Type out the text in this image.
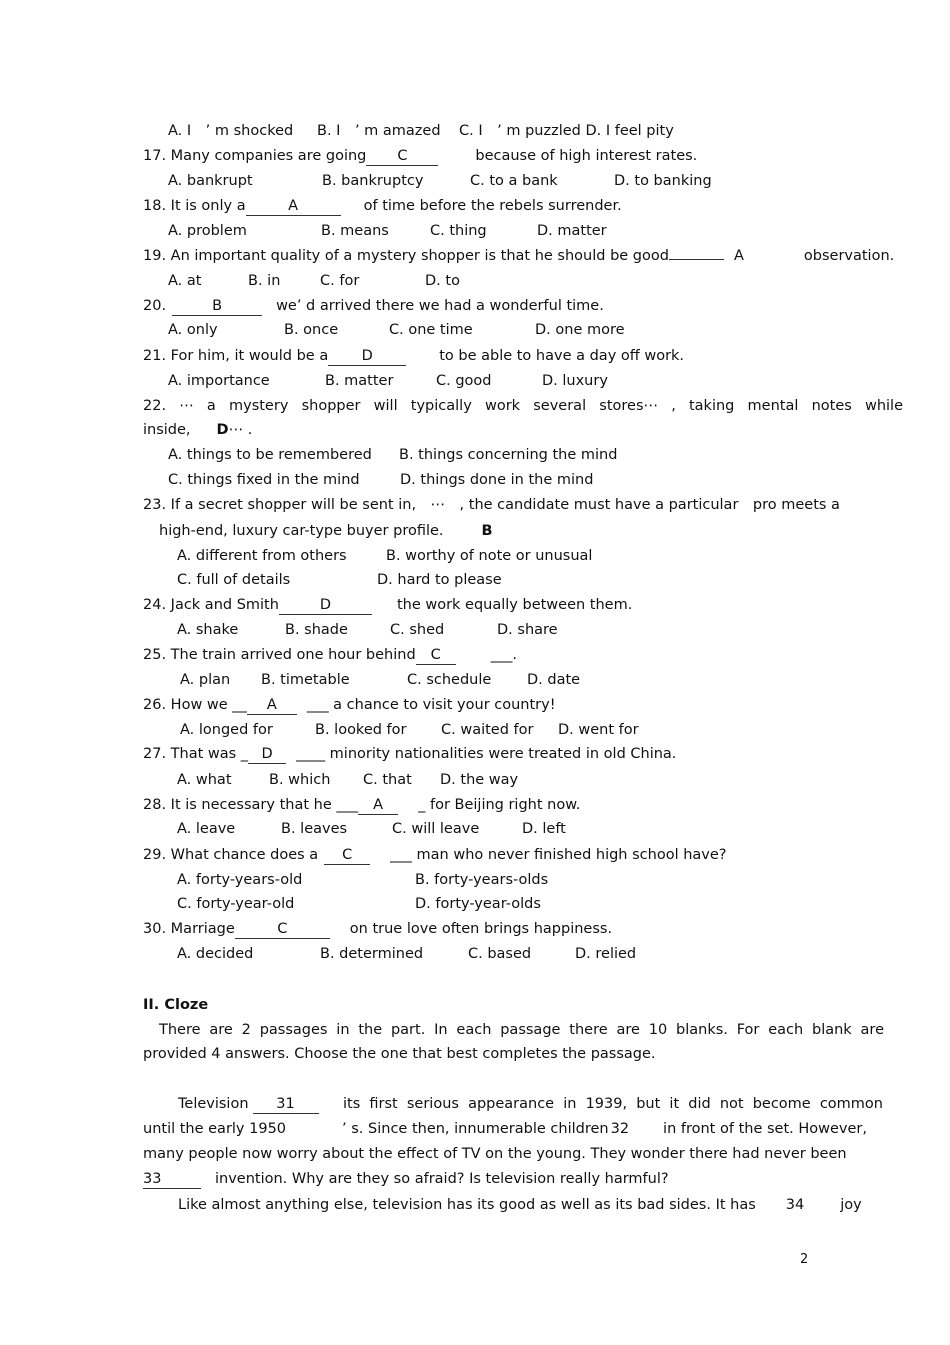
A. I ’ m shocked B. I ’ m amazed C. I ’ m puzzled D. I feel pity
17. Many companies are going C	because of high interest rates.
A. bankrupt	B. bankruptcy	C. to a bank	D. to banking
18. It is only a	A	of time before the rebels surrender.
A. problem	B. means	C. thing	D. matter
19. An important quality of a mystery shopper is that he should be good	A	observation.
A. at	B. in	C. for	D. to
20.	B	we’ d arrived there we had a wonderful time.
A. only	B. once	C. one time	D. one more
21. For him, it would be a D	to be able to have a day off work.
A. importance	B. matter	C. good	D. luxury
22. ⋯ a mystery shopper will typically work several stores⋯ , taking mental notes while
inside, D⋯ .
A. things to be remembered B. things concerning the mind
C. things fixed in the mind	D. things done in the mind
23. If a secret shopper will be sent in, ⋯ , the candidate must have a particular pro meets a
high-end, luxury car-type buyer profile.	B
A. different from others	B. worthy of note or unusual
C. full of details	D. hard to please
24. Jack and Smith	D	the work equally between them.
A. shake	B. shade	C. shed	D. share
25. The train arrived one hour behind C	___.
A. plan B. timetable	C. schedule D. date
26. How we __ A ___ a chance to visit your country!
A. longed for	B. looked for C. waited for D. went for
27. That was _ D ____ minority nationalities were treated in old China.
A. what	B. which C. that D. the way
28. It is necessary that he ___ A _ for Beijing right now.
A. leave	B. leaves	C. will leave	D. left
29. What chance does a C	___ man who never finished high school have?
A. forty-years-old	B. forty-years-olds
C. forty-year-old	D. forty-year-olds
30. Marriage	C	on true love often brings happiness.
A. decided	B. determined	C. based	D. relied
II. Cloze
There are 2 passages in the part. In each passage there are 10 blanks. For each blank are
provided 4 answers. Choose the one that best completes the passage.
Television 31	its first serious appearance in 1939, but it did not become common
until the early 1950	’ s. Since then, innumerable children 32 in front of the set. However,
many people now worry about the effect of TV on the young. They wonder there had never been
33	invention. Why are they so afraid? Is television really harmful?
Like almost anything else, television has its good as well as its bad sides. It has 34 joy
2
